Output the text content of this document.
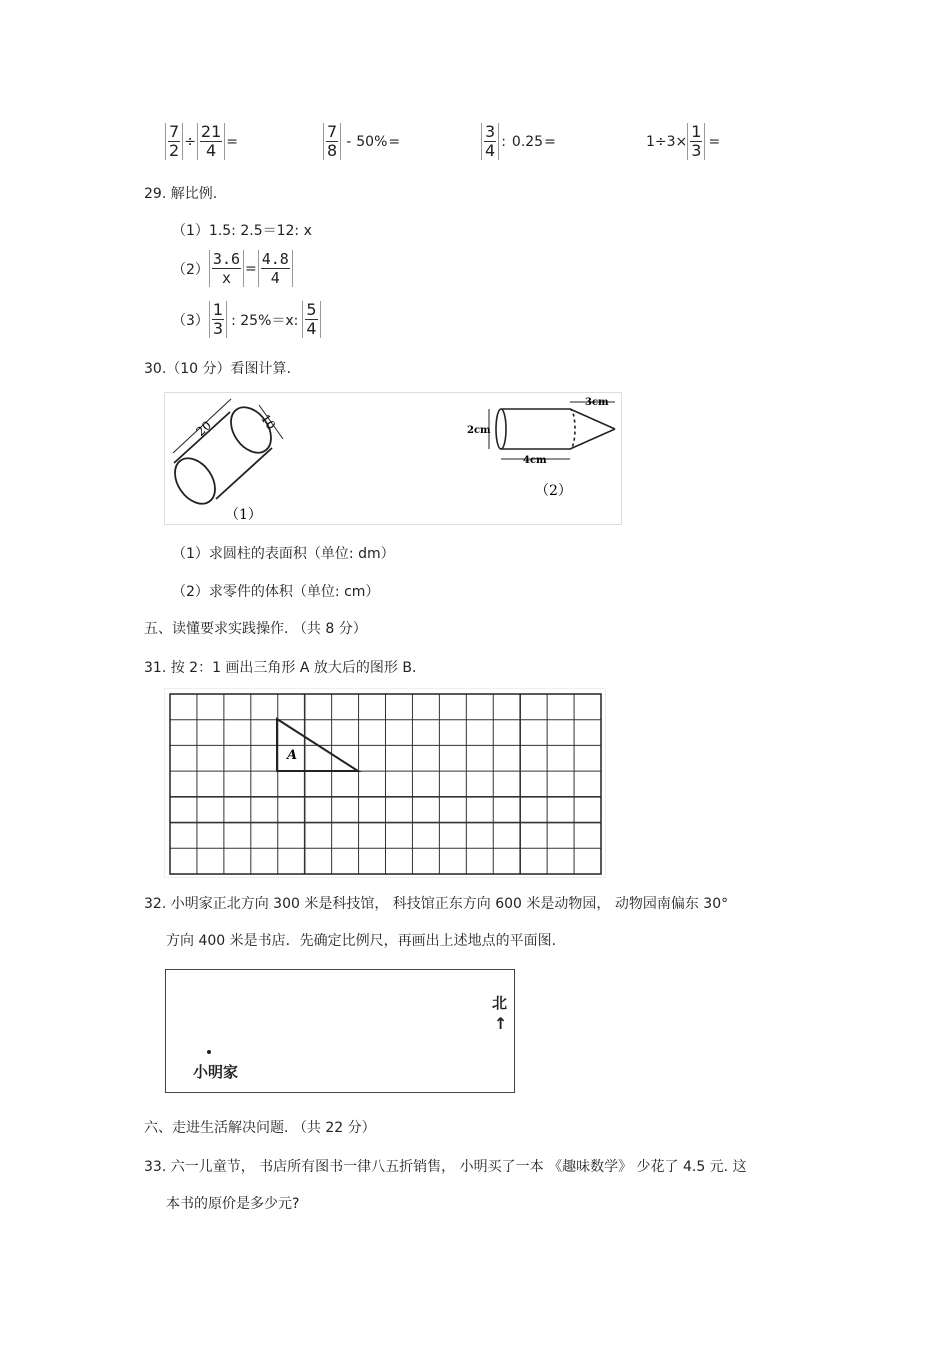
$\frac{7}{2} \div \frac{21}{4}$ =	$\frac{7}{8} - 50\%$ =	$\frac{3}{4}$ : 0.25 =	$1\div 3\times \frac{1}{3}$ =
29. 解比例.
（1）1.5: 2.5＝12: x
$(2) \frac{3.6}{x} = \frac{4.8}{4}$
$(3) \frac{1}{3}$ : 25%＝x: $\frac{5}{4}$
30.（10 分）看图计算.
20	10
（1）
3cm
2cm
4cm
（2）
（1）求圆柱的表面积（单位: dm）
（2）求零件的体积（单位: cm）
五、读懂要求实践操作. （共 8 分）
31. 按 2：1 画出三角形 A 放大后的图形 B.
A
32. 小明家正北方向 300 米是科技馆， 科技馆正东方向 600 米是动物园， 动物园南偏东 30°
方向 400 米是书店．先确定比例尺，再画出上述地点的平面图.
北
↑
小明家
六、走进生活解决问题. （共 22 分）
33. 六一儿童节， 书店所有图书一律八五折销售， 小明买了一本 《趣味数学》 少花了 4.5 元. 这
本书的原价是多少元?
